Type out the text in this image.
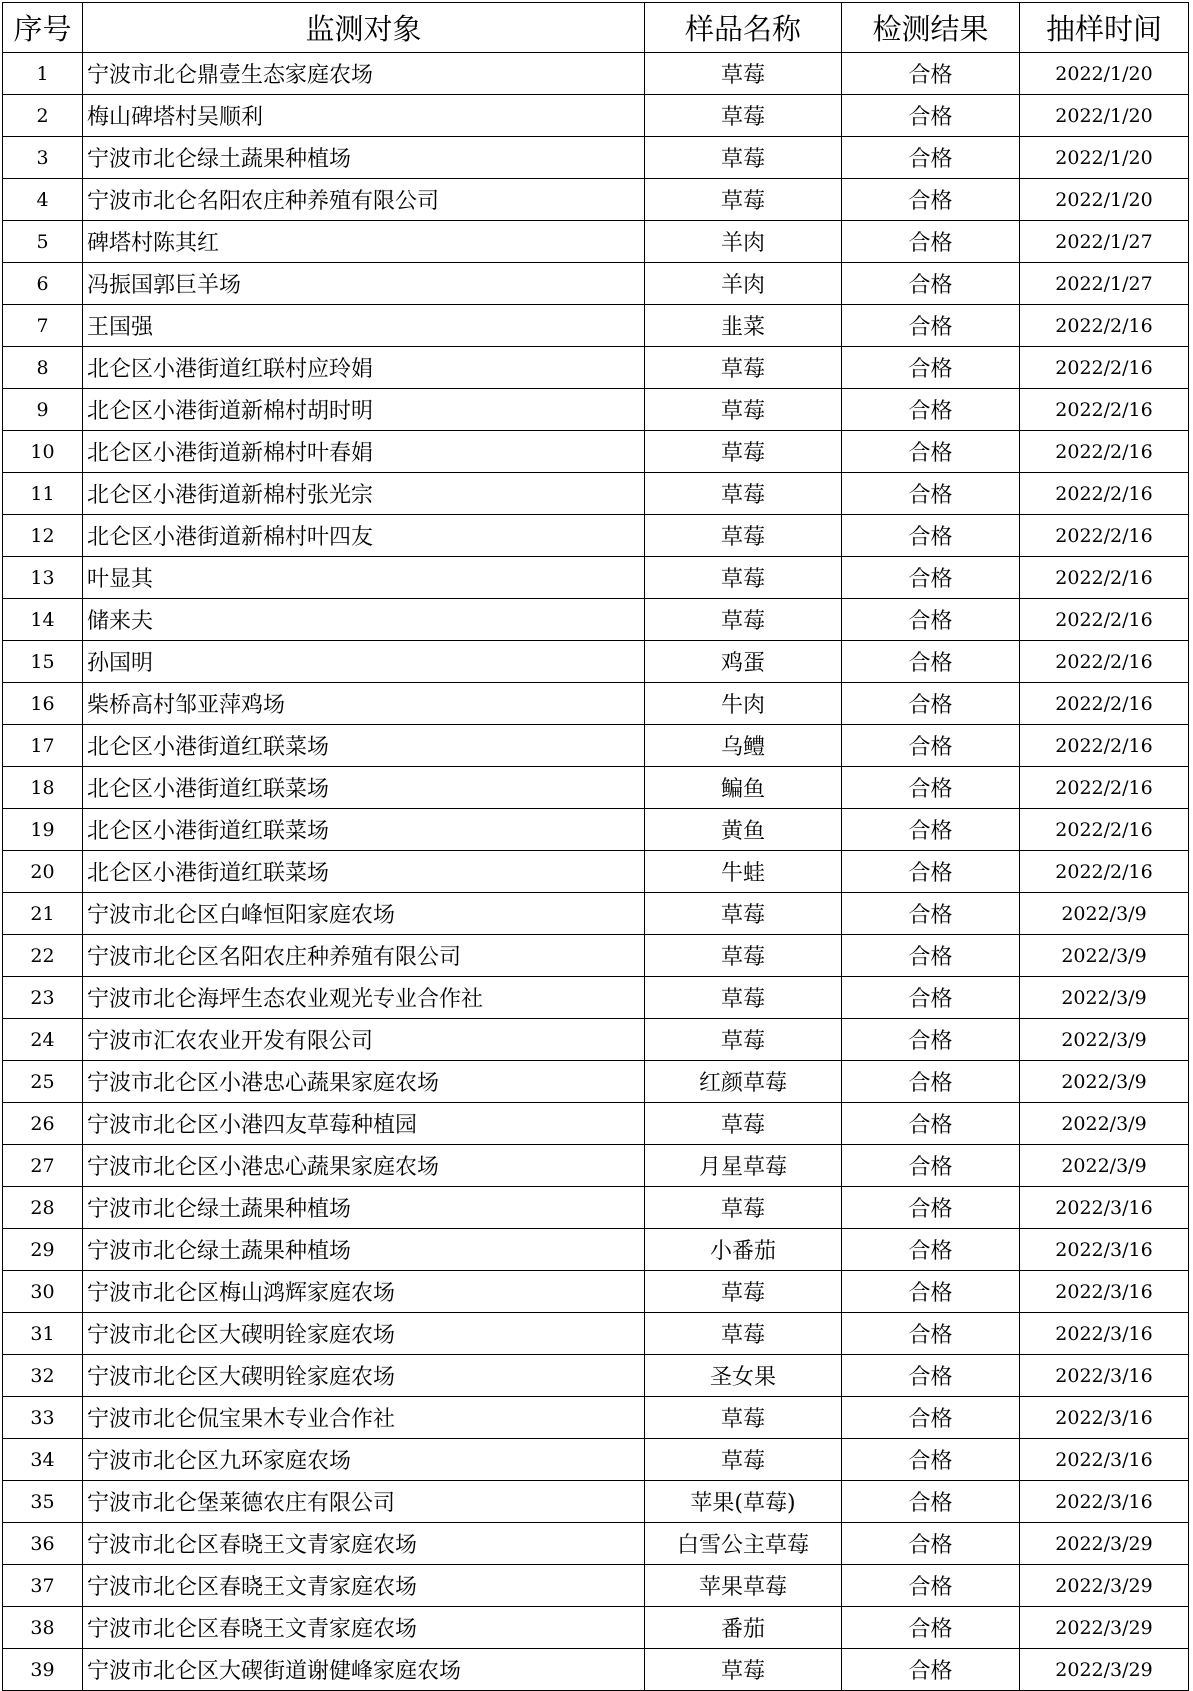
序号	监测对象	样品名称	检测结果	抽样时间
1	宁波市北仑鼎壹生态家庭农场	草莓	合格	2022/1/20
2	梅山碑塔村吴顺利	草莓	合格	2022/1/20
3	宁波市北仑绿土蔬果种植场	草莓	合格	2022/1/20
4	宁波市北仑名阳农庄种养殖有限公司	草莓	合格	2022/1/20
5	碑塔村陈其红	羊肉	合格	2022/1/27
6	冯振国郭巨羊场	羊肉	合格	2022/1/27
7	王国强	韭菜	合格	2022/2/16
8	北仑区小港街道红联村应玲娟	草莓	合格	2022/2/16
9	北仑区小港街道新棉村胡时明	草莓	合格	2022/2/16
10	北仑区小港街道新棉村叶春娟	草莓	合格	2022/2/16
11	北仑区小港街道新棉村张光宗	草莓	合格	2022/2/16
12	北仑区小港街道新棉村叶四友	草莓	合格	2022/2/16
13	叶显其	草莓	合格	2022/2/16
14	储来夫	草莓	合格	2022/2/16
15	孙国明	鸡蛋	合格	2022/2/16
16	柴桥高村邹亚萍鸡场	牛肉	合格	2022/2/16
17	北仑区小港街道红联菜场	乌鳢	合格	2022/2/16
18	北仑区小港街道红联菜场	鳊鱼	合格	2022/2/16
19	北仑区小港街道红联菜场	黄鱼	合格	2022/2/16
20	北仑区小港街道红联菜场	牛蛙	合格	2022/2/16
21	宁波市北仑区白峰恒阳家庭农场	草莓	合格	2022/3/9
22	宁波市北仑区名阳农庄种养殖有限公司	草莓	合格	2022/3/9
23	宁波市北仑海坪生态农业观光专业合作社	草莓	合格	2022/3/9
24	宁波市汇农农业开发有限公司	草莓	合格	2022/3/9
25	宁波市北仑区小港忠心蔬果家庭农场	红颜草莓	合格	2022/3/9
26	宁波市北仑区小港四友草莓种植园	草莓	合格	2022/3/9
27	宁波市北仑区小港忠心蔬果家庭农场	月星草莓	合格	2022/3/9
28	宁波市北仑绿土蔬果种植场	草莓	合格	2022/3/16
29	宁波市北仑绿土蔬果种植场	小番茄	合格	2022/3/16
30	宁波市北仑区梅山鸿辉家庭农场	草莓	合格	2022/3/16
31	宁波市北仑区大碶明铨家庭农场	草莓	合格	2022/3/16
32	宁波市北仑区大碶明铨家庭农场	圣女果	合格	2022/3/16
33	宁波市北仑侃宝果木专业合作社	草莓	合格	2022/3/16
34	宁波市北仑区九环家庭农场	草莓	合格	2022/3/16
35	宁波市北仑堡莱德农庄有限公司	苹果(草莓)	合格	2022/3/16
36	宁波市北仑区春晓王文青家庭农场	白雪公主草莓	合格	2022/3/29
37	宁波市北仑区春晓王文青家庭农场	苹果草莓	合格	2022/3/29
38	宁波市北仑区春晓王文青家庭农场	番茄	合格	2022/3/29
39	宁波市北仑区大碶街道谢健峰家庭农场	草莓	合格	2022/3/29
